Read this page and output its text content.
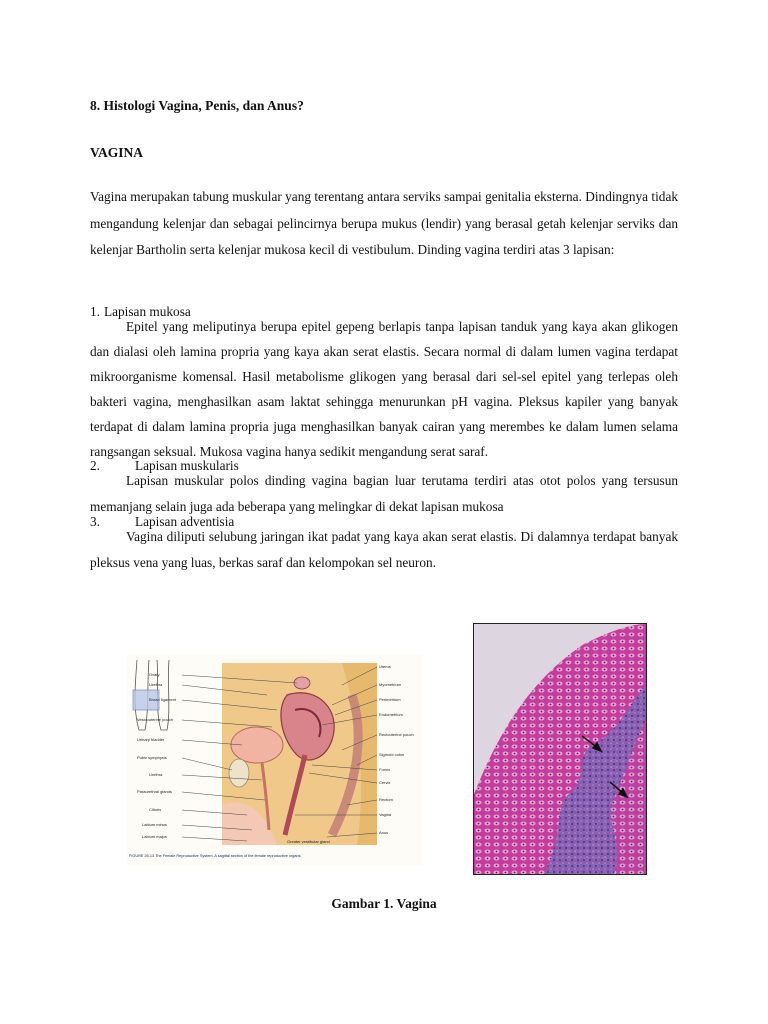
8. Histologi Vagina, Penis, dan Anus?
VAGINA

Vagina merupakan tabung muskular yang terentang antara serviks sampai genitalia eksterna. Dindingnya tidak mengandung kelenjar dan sebagai pelincirnya berupa mukus (lendir) yang berasal getah kelenjar serviks dan kelenjar Bartholin serta kelenjar mukosa kecil di vestibulum. Dinding vagina terdiri atas 3 lapisan:

1. Lapisan mukosa

Epitel yang meliputinya berupa epitel gepeng berlapis tanpa lapisan tanduk yang kaya akan glikogen dan dialasi oleh lamina propria yang kaya akan serat elastis. Secara normal di dalam lumen vagina terdapat mikroorganisme komensal. Hasil metabolisme glikogen yang berasal dari sel-sel epitel yang terlepas oleh bakteri vagina, menghasilkan asam laktat sehingga menurunkan pH vagina. Pleksus kapiler yang banyak terdapat di dalam lamina propria juga menghasilkan banyak cairan yang merembes ke dalam lumen selama rangsangan seksual. Mukosa vagina hanya sedikit mengandung serat saraf.

2.	Lapisan muskularis

Lapisan muskular polos dinding vagina bagian luar terutama terdiri atas otot polos yang tersusun memanjang selain juga ada beberapa yang melingkar di dekat lapisan mukosa

3.	Lapisan adventisia

Vagina diliputi selubung jaringan ikat padat yang kaya akan serat elastis. Di dalamnya terdapat banyak pleksus vena yang luas, berkas saraf dan kelompokan sel neuron.

Ovary
Urethra
Broad ligament
Vesicouterine pouch
Urinary bladder
Pubic symphysis
Urethra
Paraurethral glands
Clitoris
Labium minus
Labium majus
Uterus
Myometrium
Perimetrium
Endometrium
Rectouterine pouch
Sigmoid colon
Fornix
Cervix
Rectum
Vagina
Anus
Greater vestibular gland
FIGURE 26-13 The Female Reproductive System. A sagittal section of the female reproductive organs.
Gambar 1. Vagina
